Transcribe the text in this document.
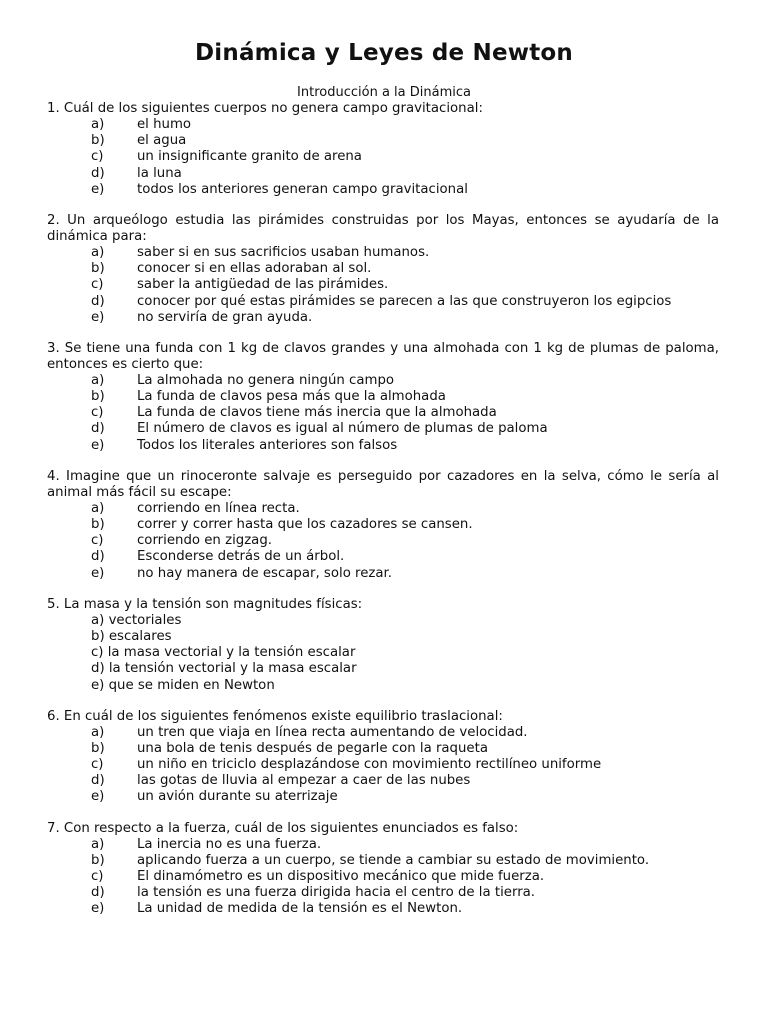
Dinámica y Leyes de Newton
Introducción a la Dinámica
1. Cuál de los siguientes cuerpos no genera campo gravitacional:
a) el humo
b) el agua
c)	un insignificante granito de arena
d) la luna
e) todos los anteriores generan campo gravitacional
2. Un arqueólogo estudia las pirámides construidas por los Mayas, entonces se ayudaría de la dinámica para:
a) saber si en sus sacrificios usaban humanos.
b) conocer si en ellas adoraban al sol.
c)	saber la antigüedad de las pirámides.
d) conocer por qué estas pirámides se parecen a las que construyeron los egipcios
e) no serviría de gran ayuda.
3. Se tiene una funda con 1 kg de clavos grandes y una almohada con 1 kg de plumas de paloma, entonces es cierto que:
a) La almohada no genera ningún campo
b) La funda de clavos pesa más que la almohada
c)	La funda de clavos tiene más inercia que la almohada
d) El número de clavos es igual al número de plumas de paloma
e) Todos los literales anteriores son falsos
4. Imagine que un rinoceronte salvaje es perseguido por cazadores en la selva, cómo le sería al animal más fácil su escape:
a) corriendo en línea recta.
b) correr y correr hasta que los cazadores se cansen.
c)	corriendo en zigzag.
d) Esconderse detrás de un árbol.
e) no hay manera de escapar, solo rezar.
5. La masa y la tensión son magnitudes físicas:
a) vectoriales
b) escalares
c) la masa vectorial y la tensión escalar
d) la tensión vectorial y la masa escalar
e) que se miden en Newton
6. En cuál de los siguientes fenómenos existe equilibrio traslacional:
a) un tren que viaja en línea recta aumentando de velocidad.
b) una bola de tenis después de pegarle con la raqueta
c)	un niño en triciclo desplazándose con movimiento rectilíneo uniforme
d) las gotas de lluvia al empezar a caer de las nubes
e) un avión durante su aterrizaje
7. Con respecto a la fuerza, cuál de los siguientes enunciados es falso:
a) La inercia no es una fuerza.
b) aplicando fuerza a un cuerpo, se tiende a cambiar su estado de movimiento.
c)	El dinamómetro es un dispositivo mecánico que mide fuerza.
d) la tensión es una fuerza dirigida hacia el centro de la tierra.
e) La unidad de medida de la tensión es el Newton.
